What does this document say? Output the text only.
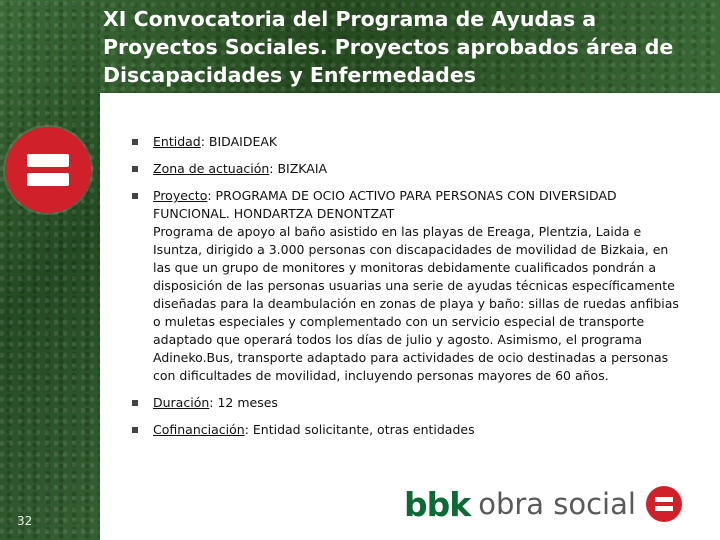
XI Convocatoria del Programa de Ayudas a Proyectos Sociales. Proyectos aprobados área de Discapacidades y Enfermedades
Entidad: BIDAIDEAK
Zona de actuación: BIZKAIA
Proyecto: PROGRAMA DE OCIO ACTIVO PARA PERSONAS CON DIVERSIDAD FUNCIONAL. HONDARTZA DENONTZAT
Programa de apoyo al baño asistido en las playas de Ereaga, Plentzia, Laida e Isuntza, dirigido a 3.000 personas con discapacidades de movilidad de Bizkaia, en las que un grupo de monitores y monitoras debidamente cualificados pondrán a disposición de las personas usuarias una serie de ayudas técnicas específicamente diseñadas para la deambulación en zonas de playa y baño: sillas de ruedas anfibias o muletas especiales y complementado con un servicio especial de transporte adaptado que operará todos los días de julio y agosto. Asimismo, el programa Adineko.Bus, transporte adaptado para actividades de ocio destinadas a personas con dificultades de movilidad, incluyendo personas mayores de 60 años.
Duración: 12 meses
Cofinanciación: Entidad solicitante, otras entidades
bbk obra social
32
